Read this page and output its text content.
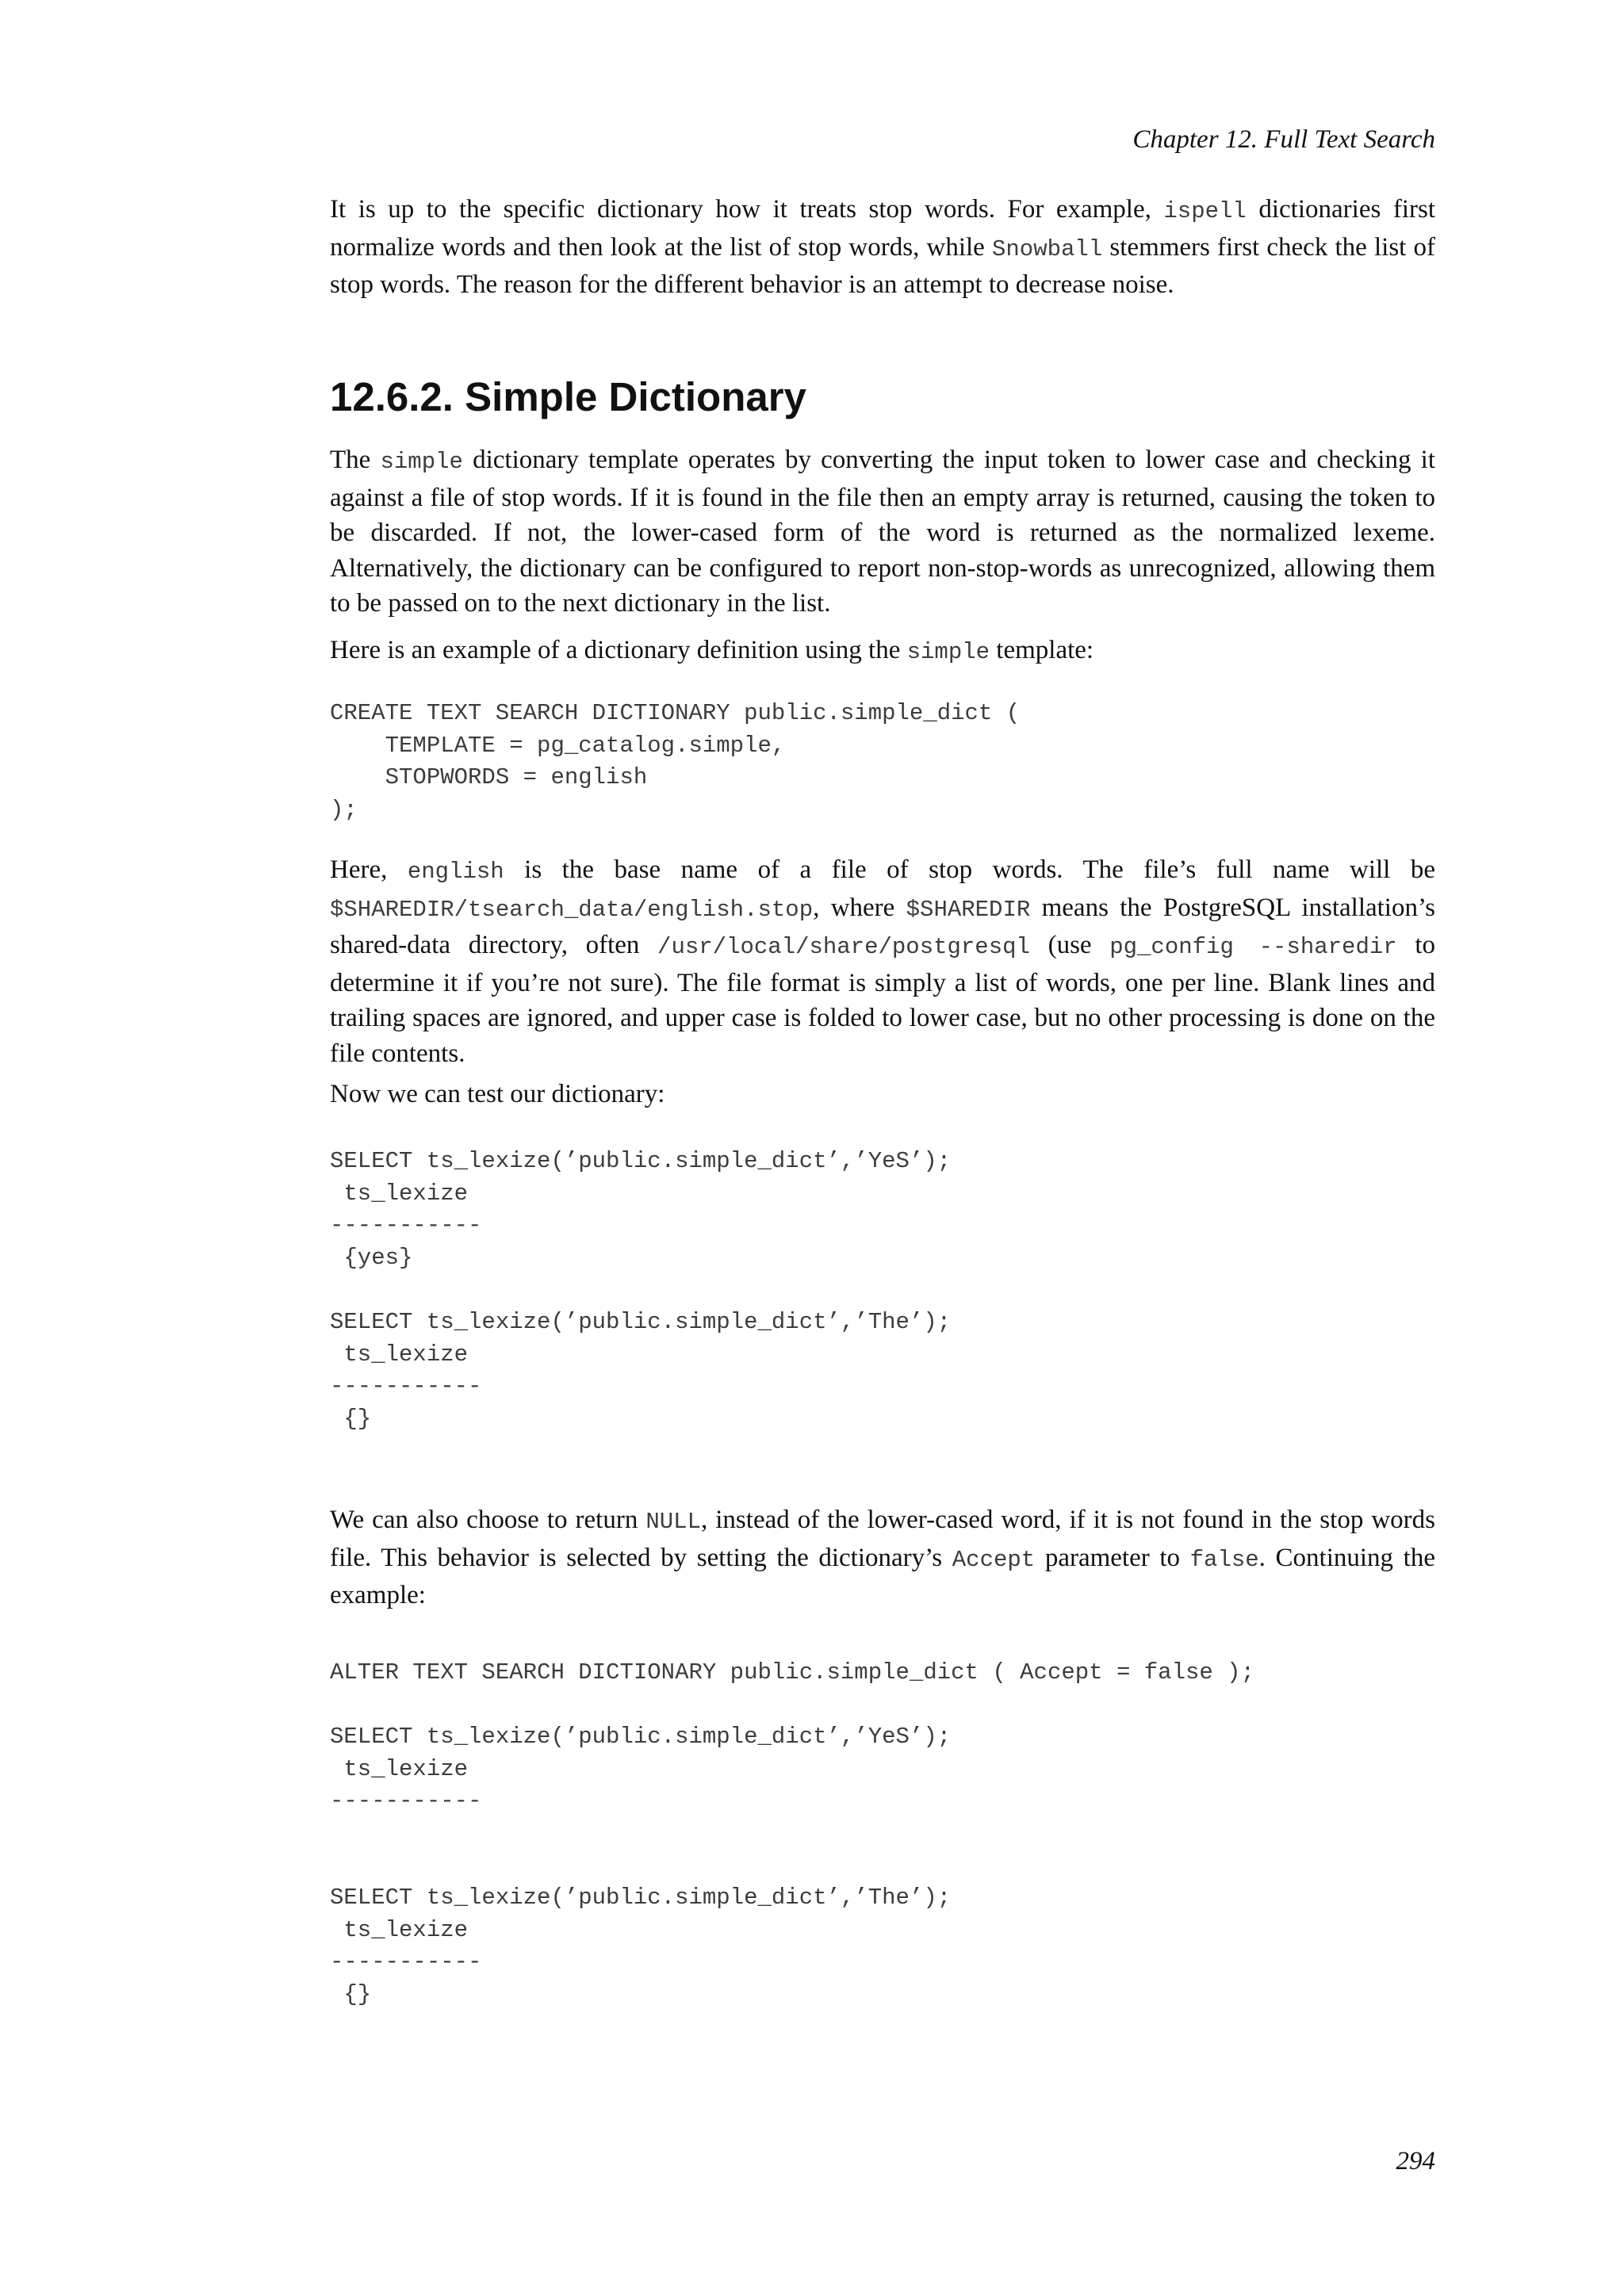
Chapter 12. Full Text Search

It is up to the specific dictionary how it treats stop words. For example, ispell dictionaries first normalize words and then look at the list of stop words, while Snowball stemmers first check the list of stop words. The reason for the different behavior is an attempt to decrease noise.

12.6.2. Simple Dictionary

The simple dictionary template operates by converting the input token to lower case and checking it against a file of stop words. If it is found in the file then an empty array is returned, causing the token to be discarded. If not, the lower-cased form of the word is returned as the normalized lexeme. Alternatively, the dictionary can be configured to report non-stop-words as unrecognized, allowing them to be passed on to the next dictionary in the list.

Here is an example of a dictionary definition using the simple template:

CREATE TEXT SEARCH DICTIONARY public.simple_dict (
TEMPLATE = pg_catalog.simple,
STOPWORDS = english
);

Here, english is the base name of a file of stop words. The file’s full name will be $SHAREDIR/tsearch_data/english.stop, where $SHAREDIR means the PostgreSQL installation’s shared-data directory, often /usr/local/share/postgresql (use pg_config --sharedir to determine it if you’re not sure). The file format is simply a list of words, one per line. Blank lines and trailing spaces are ignored, and upper case is folded to lower case, but no other processing is done on the file contents.

Now we can test our dictionary:

SELECT ts_lexize(’public.simple_dict’,’YeS’);
ts_lexize
-----------
{yes}

SELECT ts_lexize(’public.simple_dict’,’The’);
ts_lexize
-----------
{}

We can also choose to return NULL, instead of the lower-cased word, if it is not found in the stop words file. This behavior is selected by setting the dictionary’s Accept parameter to false. Continuing the example:

ALTER TEXT SEARCH DICTIONARY public.simple_dict ( Accept = false );

SELECT ts_lexize(’public.simple_dict’,’YeS’);
ts_lexize
-----------

SELECT ts_lexize(’public.simple_dict’,’The’);
ts_lexize
-----------
{}
294
